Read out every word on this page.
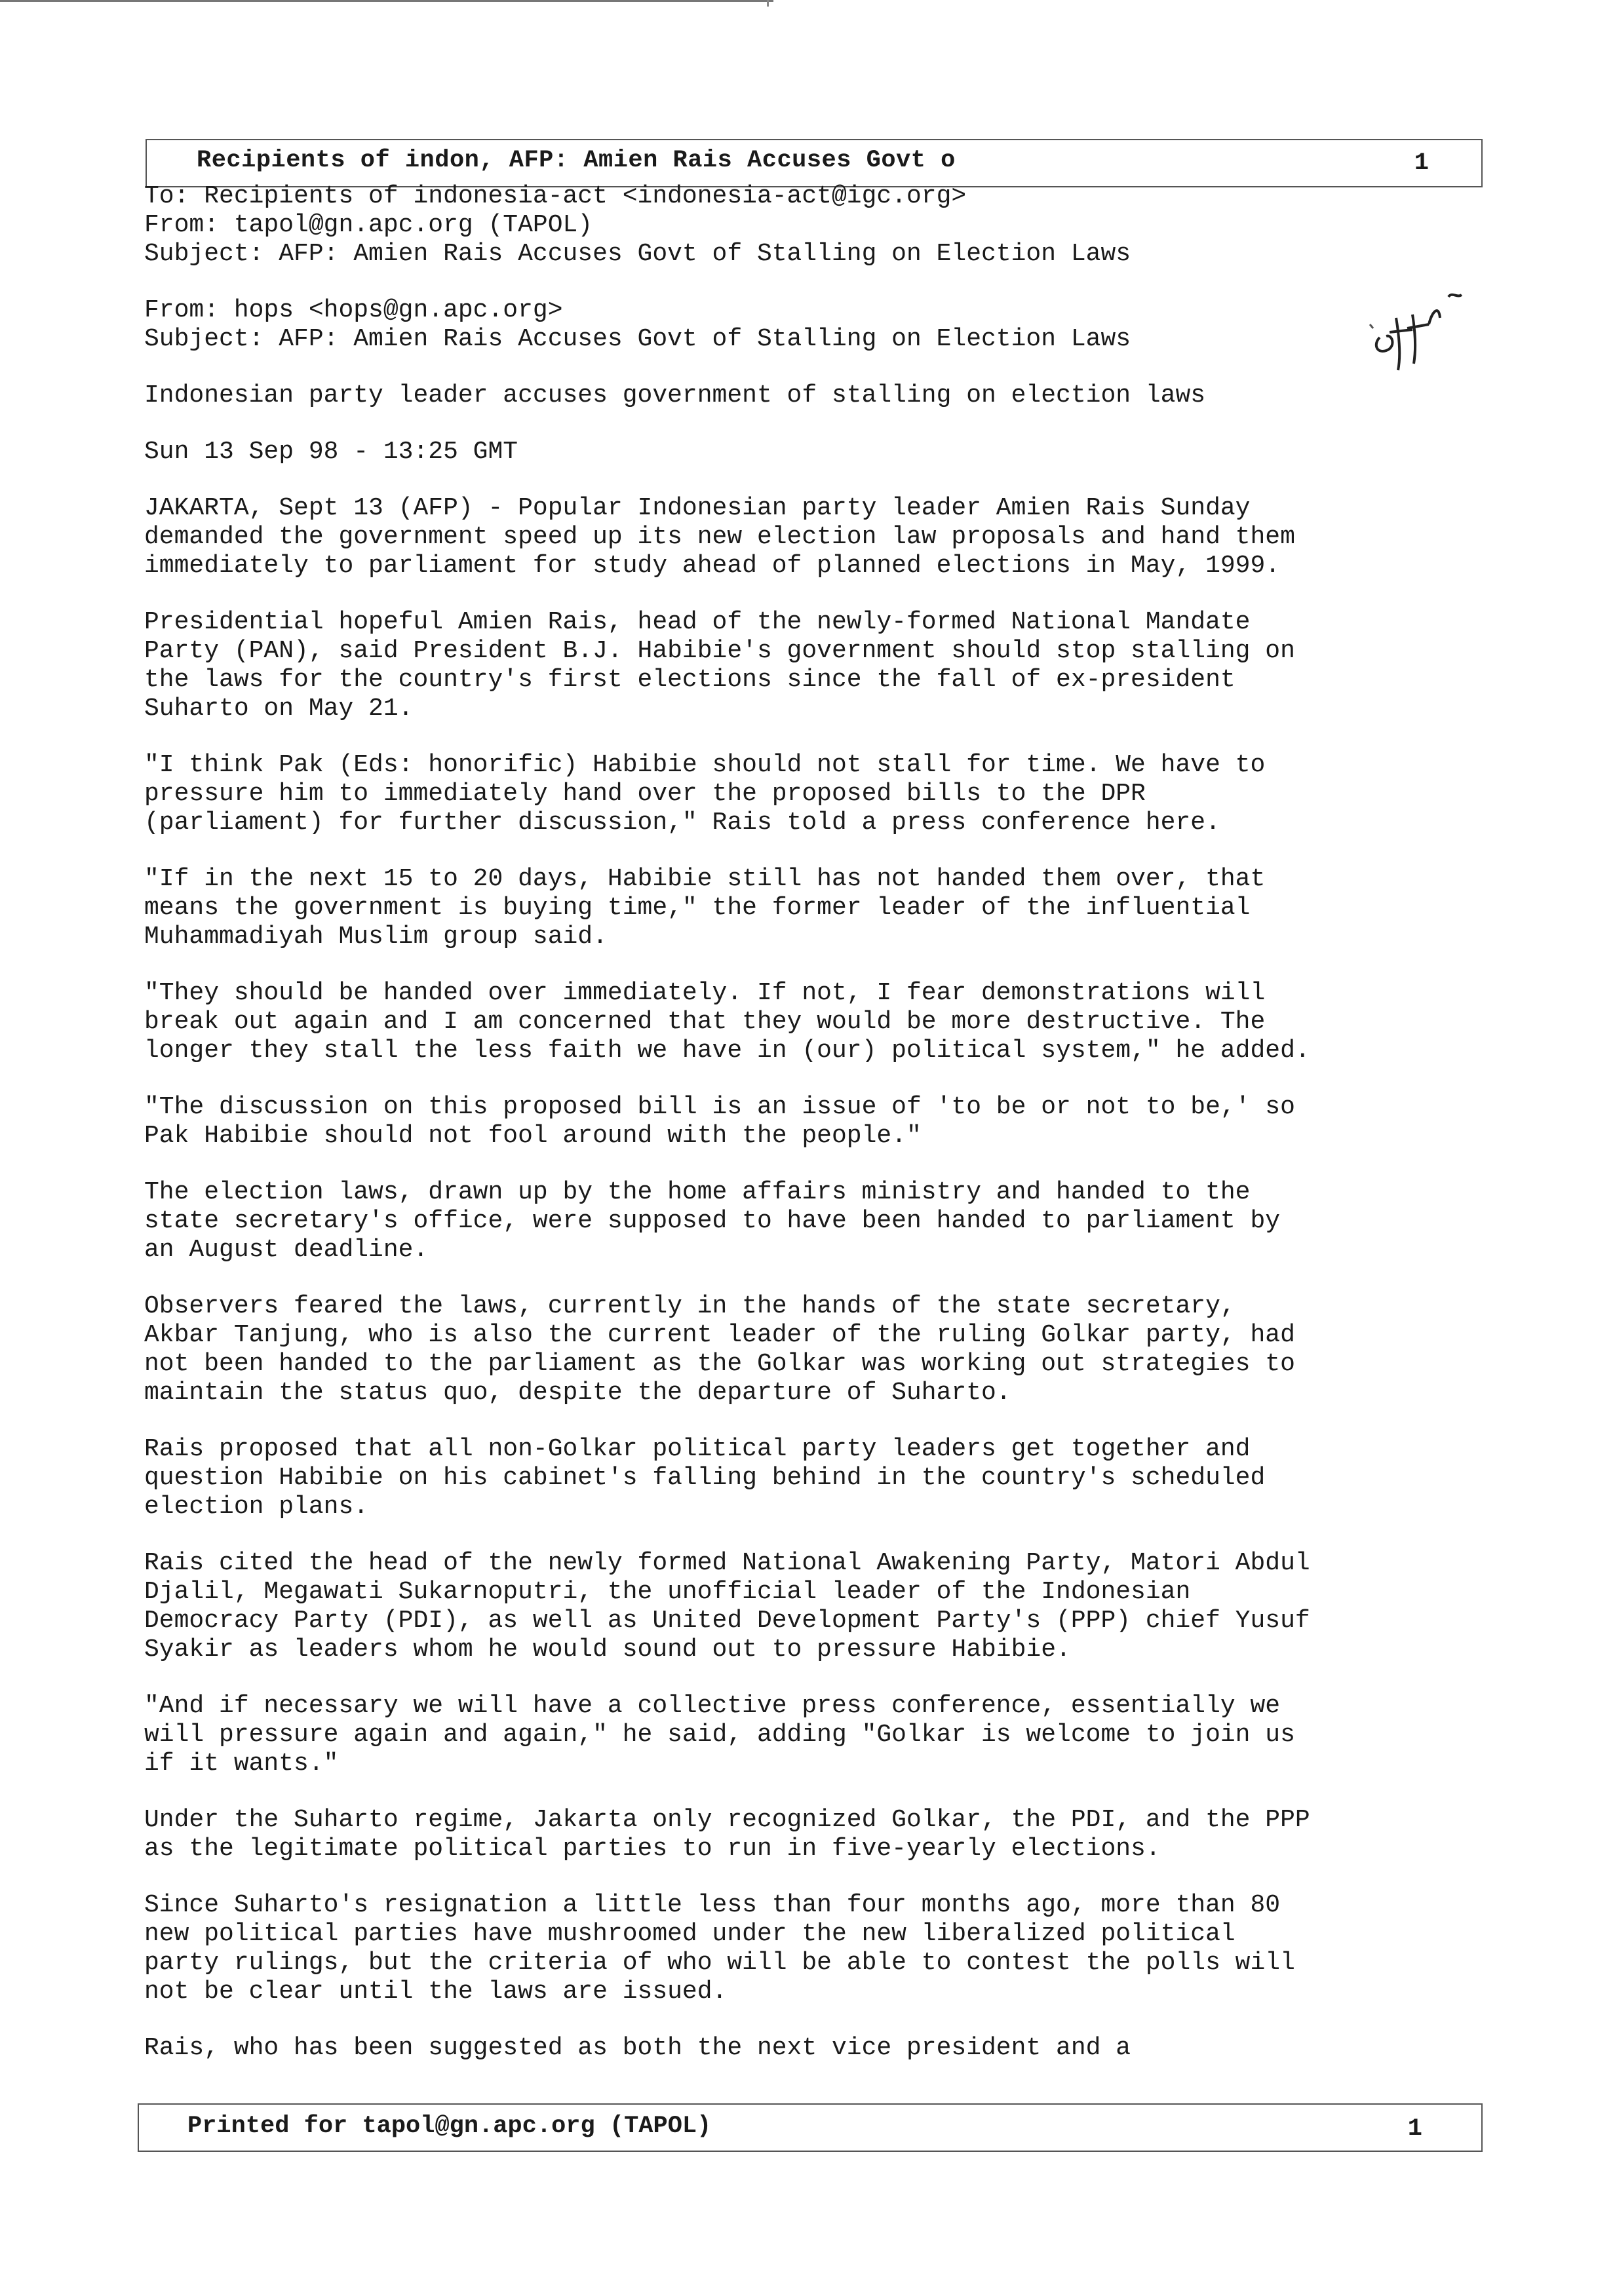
Recipients of indon, AFP: Amien Rais Accuses Govt o	1
To: Recipients of indonesia-act <indonesia-act@igc.org>
From: tapol@gn.apc.org (TAPOL)
Subject: AFP: Amien Rais Accuses Govt of Stalling on Election Laws
From: hops <hops@gn.apc.org>
Subject: AFP: Amien Rais Accuses Govt of Stalling on Election Laws
Indonesian party leader accuses government of stalling on election laws
Sun 13 Sep 98 - 13:25 GMT
JAKARTA, Sept 13 (AFP) - Popular Indonesian party leader Amien Rais Sunday
demanded the government speed up its new election law proposals and hand them
immediately to parliament for study ahead of planned elections in May, 1999.
Presidential hopeful Amien Rais, head of the newly-formed National Mandate
Party (PAN), said President B.J. Habibie's government should stop stalling on
the laws for the country's first elections since the fall of ex-president
Suharto on May 21.
"I think Pak (Eds: honorific) Habibie should not stall for time. We have to
pressure him to immediately hand over the proposed bills to the DPR
(parliament) for further discussion," Rais told a press conference here.
"If in the next 15 to 20 days, Habibie still has not handed them over, that
means the government is buying time," the former leader of the influential
Muhammadiyah Muslim group said.
"They should be handed over immediately. If not, I fear demonstrations will
break out again and I am concerned that they would be more destructive. The
longer they stall the less faith we have in (our) political system," he added.
"The discussion on this proposed bill is an issue of 'to be or not to be,' so
Pak Habibie should not fool around with the people."
The election laws, drawn up by the home affairs ministry and handed to the
state secretary's office, were supposed to have been handed to parliament by
an August deadline.
Observers feared the laws, currently in the hands of the state secretary,
Akbar Tanjung, who is also the current leader of the ruling Golkar party, had
not been handed to the parliament as the Golkar was working out strategies to
maintain the status quo, despite the departure of Suharto.
Rais proposed that all non-Golkar political party leaders get together and
question Habibie on his cabinet's falling behind in the country's scheduled
election plans.
Rais cited the head of the newly formed National Awakening Party, Matori Abdul
Djalil, Megawati Sukarnoputri, the unofficial leader of the Indonesian
Democracy Party (PDI), as well as United Development Party's (PPP) chief Yusuf
Syakir as leaders whom he would sound out to pressure Habibie.
"And if necessary we will have a collective press conference, essentially we
will pressure again and again," he said, adding "Golkar is welcome to join us
if it wants."
Under the Suharto regime, Jakarta only recognized Golkar, the PDI, and the PPP
as the legitimate political parties to run in five-yearly elections.
Since Suharto's resignation a little less than four months ago, more than 80
new political parties have mushroomed under the new liberalized political
party rulings, but the criteria of who will be able to contest the polls will
not be clear until the laws are issued.
Rais, who has been suggested as both the next vice president and a
Printed for tapol@gn.apc.org (TAPOL)	1
